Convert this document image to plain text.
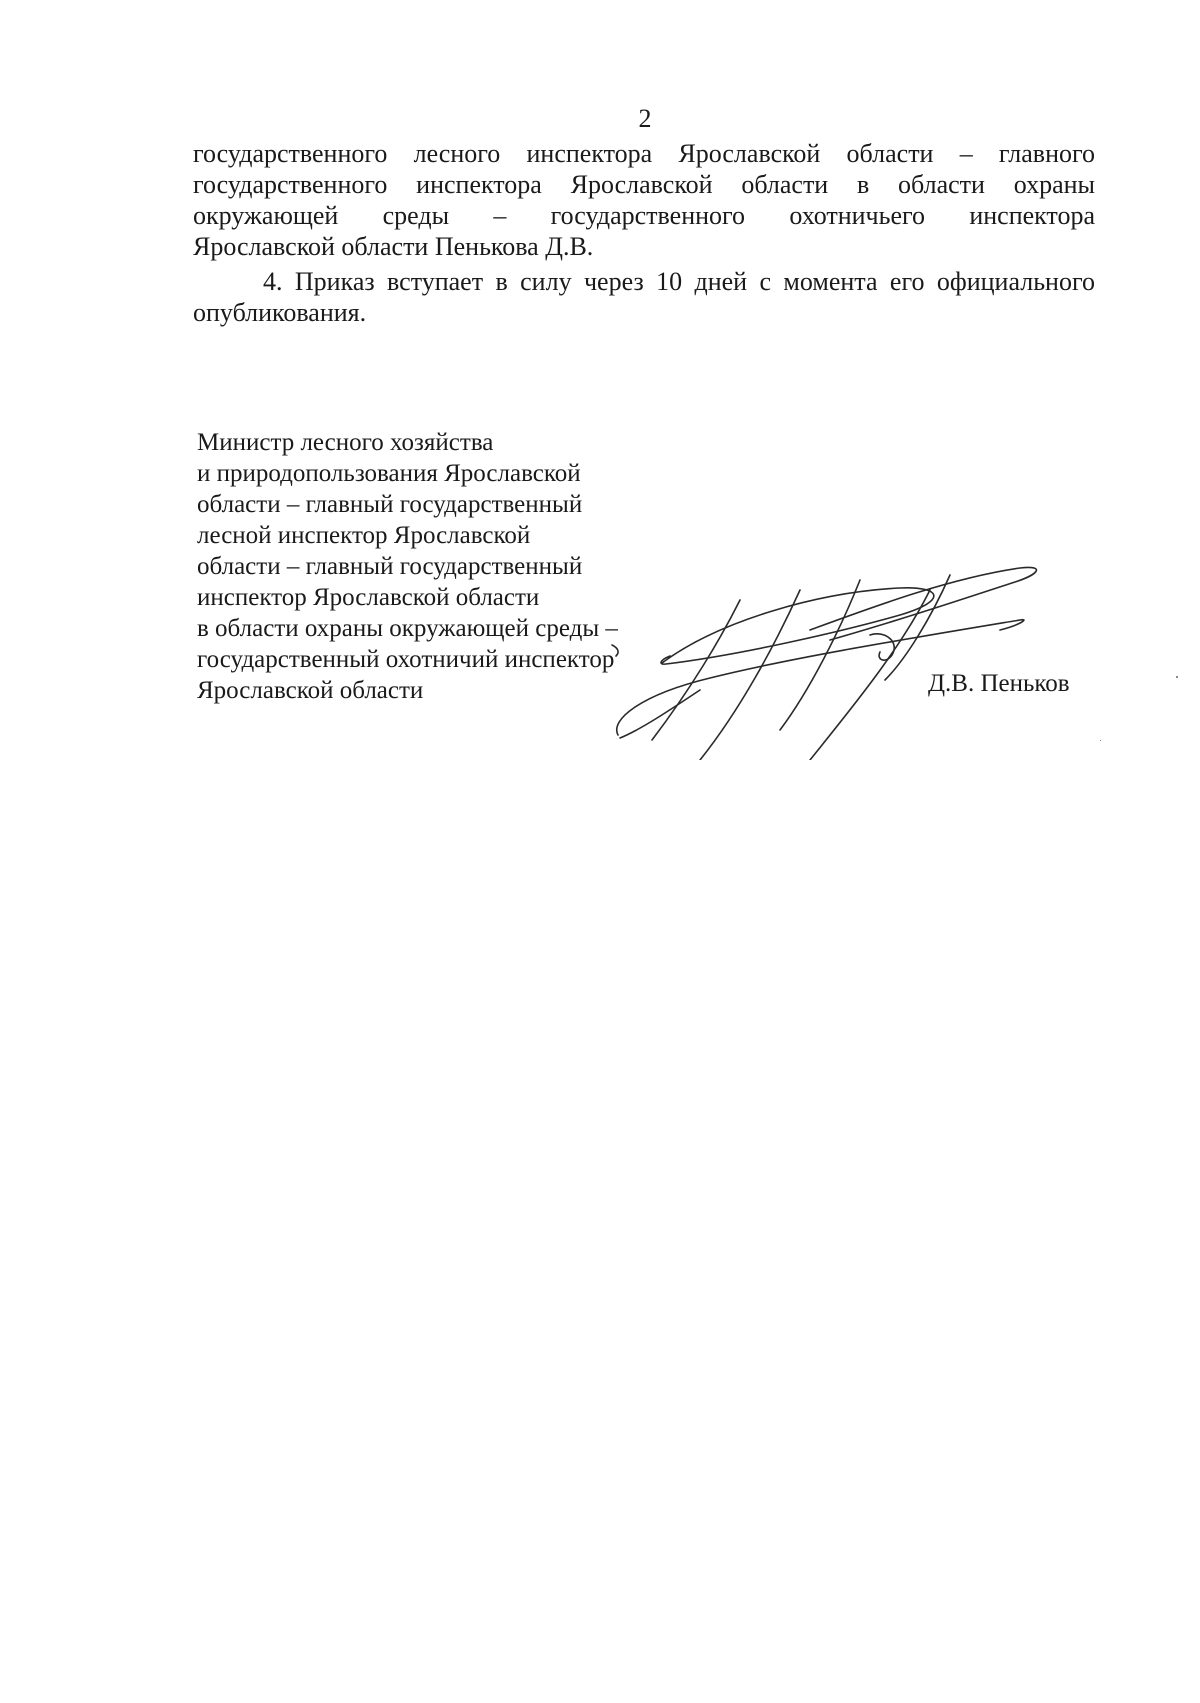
2

государственного лесного инспектора Ярославской области – главного
государственного инспектора Ярославской области в области охраны
окружающей среды – государственного охотничьего инспектора
Ярославской области Пенькова Д.В.

4. Приказ вступает в силу через 10 дней с момента его официального
опубликования.

Министр лесного хозяйства
и природопользования Ярославской
области – главный государственный
лесной инспектор Ярославской
области – главный государственный
инспектор Ярославской области
в области охраны окружающей среды –
государственный охотничий инспектор
Ярославской области	Д.В. Пеньков
